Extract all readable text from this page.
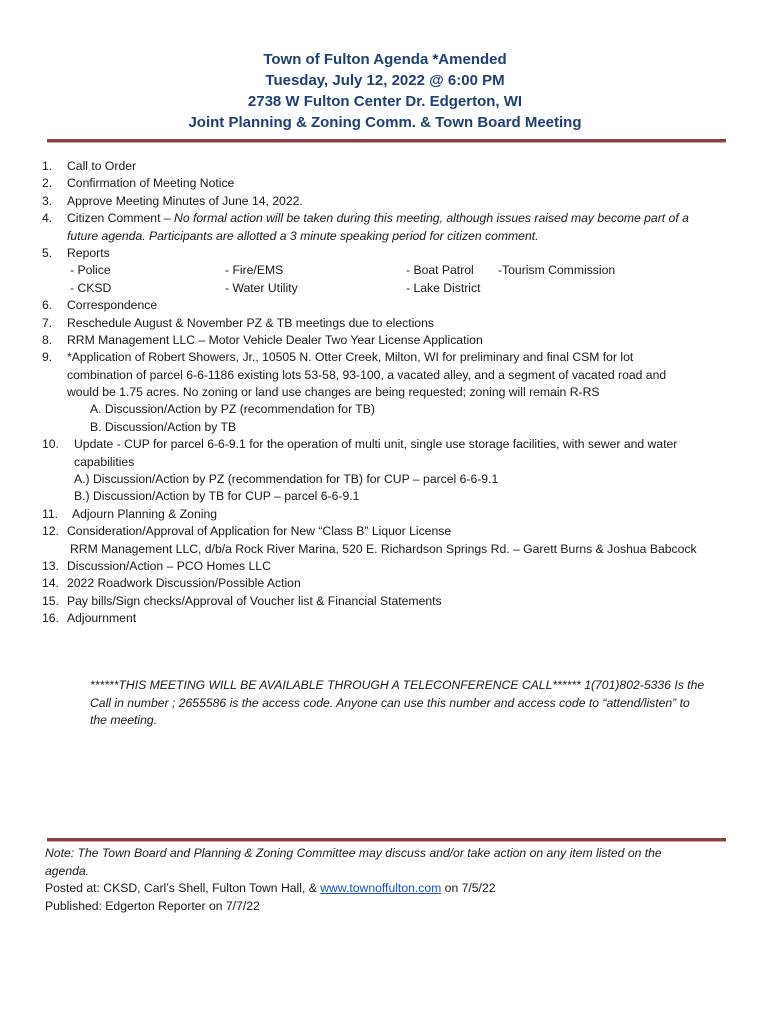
Town of Fulton Agenda *Amended
Tuesday, July 12, 2022 @ 6:00 PM
2738 W Fulton Center Dr. Edgerton, WI
Joint Planning & Zoning Comm. & Town Board Meeting
1. Call to Order
2. Confirmation of Meeting Notice
3. Approve Meeting Minutes of June 14, 2022.
4. Citizen Comment – No formal action will be taken during this meeting, although issues raised may become part of a
future agenda. Participants are allotted a 3 minute speaking period for citizen comment.
5. Reports
- Police	- Fire/EMS	- Boat Patrol -Tourism Commission
- CKSD	- Water Utility	- Lake District
6. Correspondence
7. Reschedule August & November PZ & TB meetings due to elections
8. RRM Management LLC – Motor Vehicle Dealer Two Year License Application
9. *Application of Robert Showers, Jr., 10505 N. Otter Creek, Milton, WI for preliminary and final CSM for lot
combination of parcel 6-6-1186 existing lots 53-58, 93-100, a vacated alley, and a segment of vacated road and
would be 1.75 acres. No zoning or land use changes are being requested; zoning will remain R-RS
A. Discussion/Action by PZ (recommendation for TB)
B. Discussion/Action by TB
10. Update - CUP for parcel 6-6-9.1 for the operation of multi unit, single use storage facilities, with sewer and water
capabilities
A.) Discussion/Action by PZ (recommendation for TB) for CUP – parcel 6-6-9.1
B.) Discussion/Action by TB for CUP – parcel 6-6-9.1
11. Adjourn Planning & Zoning
12. Consideration/Approval of Application for New “Class B” Liquor License
RRM Management LLC, d/b/a Rock River Marina, 520 E. Richardson Springs Rd. – Garett Burns & Joshua Babcock
13. Discussion/Action – PCO Homes LLC
14. 2022 Roadwork Discussion/Possible Action
15. Pay bills/Sign checks/Approval of Voucher list & Financial Statements
16. Adjournment
******THIS MEETING WILL BE AVAILABLE THROUGH A TELECONFERENCE CALL****** 1(701)802-5336 Is the
Call in number ; 2655586 is the access code. Anyone can use this number and access code to “attend/listen” to
the meeting.
Note: The Town Board and Planning & Zoning Committee may discuss and/or take action on any item listed on the
agenda.
Posted at: CKSD, Carl’s Shell, Fulton Town Hall, & www.townoffulton.com on 7/5/22
Published: Edgerton Reporter on 7/7/22
